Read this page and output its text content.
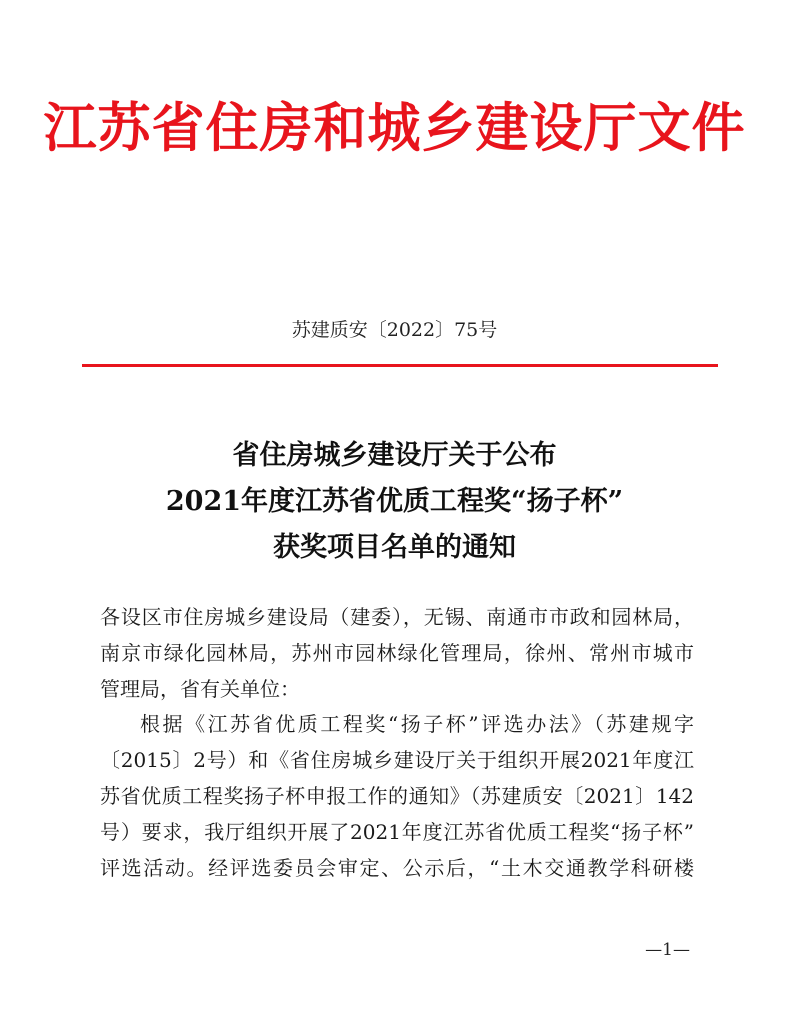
江苏省住房和城乡建设厅文件
苏建质安〔2022〕75号
省住房城乡建设厅关于公布
2021年度江苏省优质工程奖“扬子杯”
获奖项目名单的通知
各设区市住房城乡建设局（建委），无锡、南通市市政和园林局，
南京市绿化园林局，苏州市园林绿化管理局，徐州、常州市城市
管理局，省有关单位：
根据《江苏省优质工程奖“扬子杯”评选办法》（苏建规字
〔2015〕2号）和《省住房城乡建设厅关于组织开展2021年度江
苏省优质工程奖扬子杯申报工作的通知》（苏建质安〔2021〕142
号）要求，我厅组织开展了2021年度江苏省优质工程奖“扬子杯”
评选活动。经评选委员会审定、公示后，“土木交通教学科研楼
—1—
